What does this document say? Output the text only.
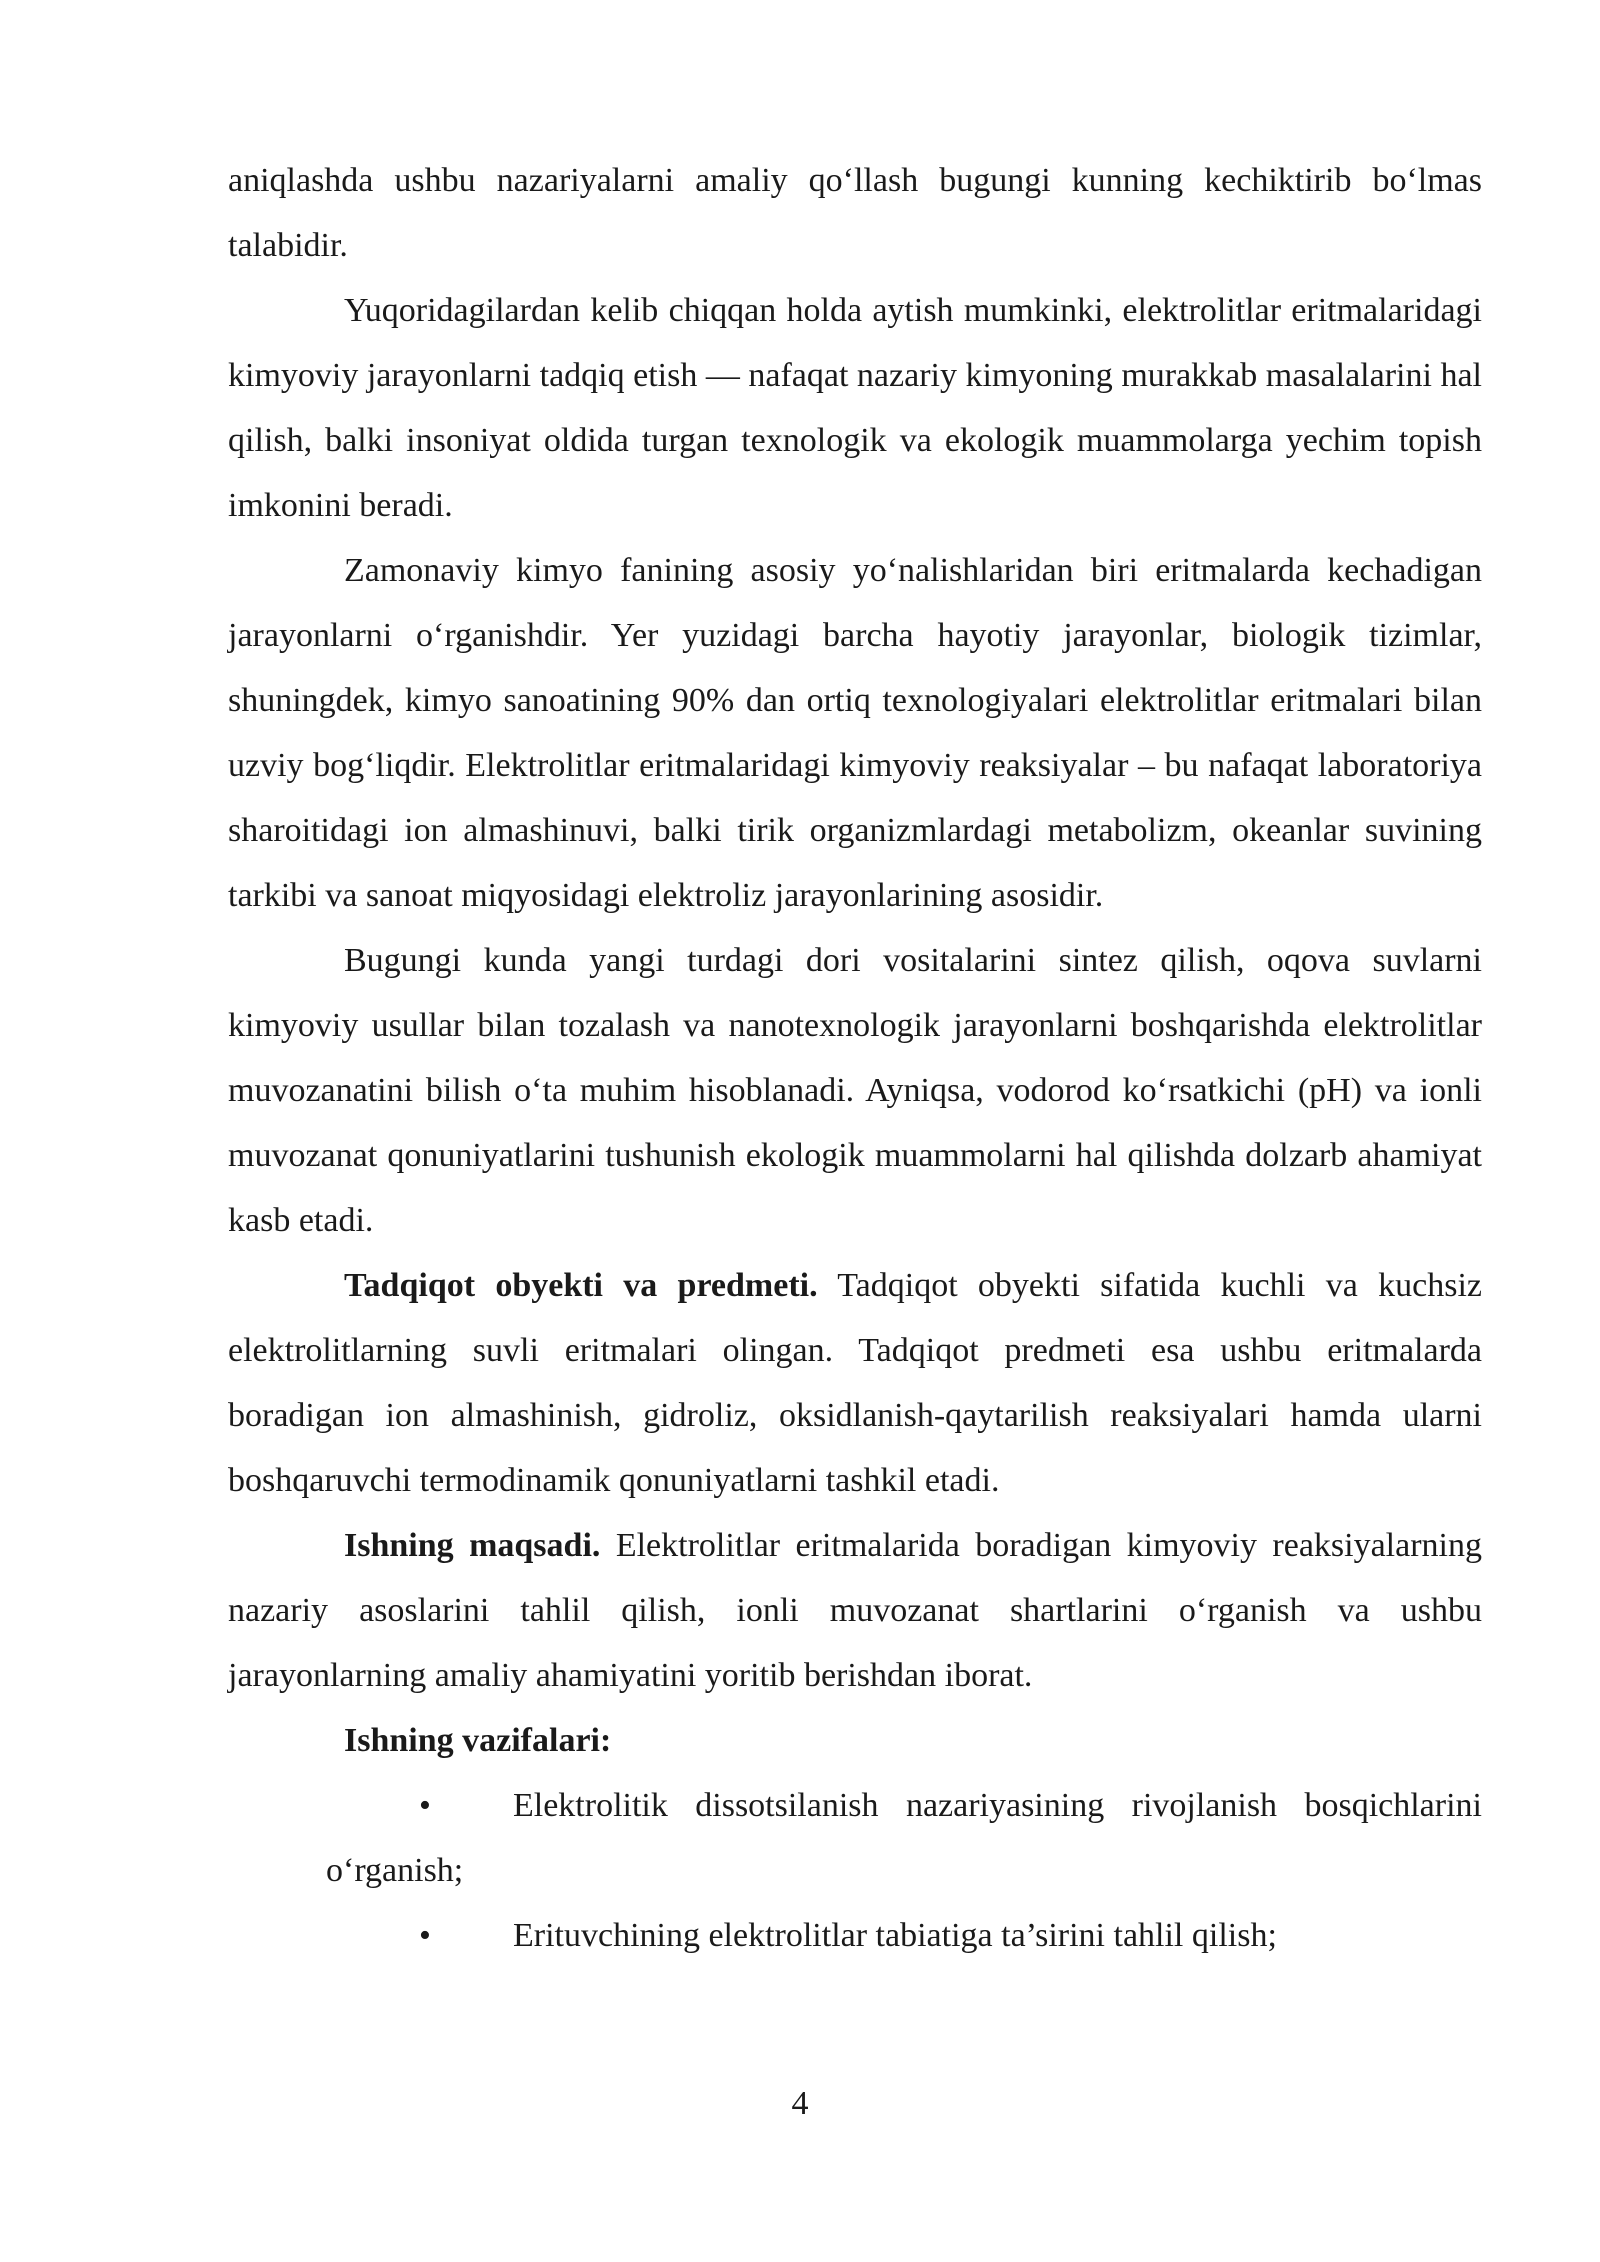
aniqlashda ushbu nazariyalarni amaliy qo‘llash bugungi kunning kechiktirib bo‘lmas talabidir.

Yuqoridagilardan kelib chiqqan holda aytish mumkinki, elektrolitlar eritmalaridagi kimyoviy jarayonlarni tadqiq etish — nafaqat nazariy kimyoning murakkab masalalarini hal qilish, balki insoniyat oldida turgan texnologik va ekologik muammolarga yechim topish imkonini beradi.

Zamonaviy kimyo fanining asosiy yo‘nalishlaridan biri eritmalarda kechadigan jarayonlarni o‘rganishdir. Yer yuzidagi barcha hayotiy jarayonlar, biologik tizimlar, shuningdek, kimyo sanoatining 90% dan ortiq texnologiyalari elektrolitlar eritmalari bilan uzviy bog‘liqdir. Elektrolitlar eritmalaridagi kimyoviy reaksiyalar – bu nafaqat laboratoriya sharoitidagi ion almashinuvi, balki tirik organizmlardagi metabolizm, okeanlar suvining tarkibi va sanoat miqyosidagi elektroliz jarayonlarining asosidir.

Bugungi kunda yangi turdagi dori vositalarini sintez qilish, oqova suvlarni kimyoviy usullar bilan tozalash va nanotexnologik jarayonlarni boshqarishda elektrolitlar muvozanatini bilish o‘ta muhim hisoblanadi. Ayniqsa, vodorod ko‘rsatkichi (pH) va ionli muvozanat qonuniyatlarini tushunish ekologik muammolarni hal qilishda dolzarb ahamiyat kasb etadi.

Tadqiqot obyekti va predmeti. Tadqiqot obyekti sifatida kuchli va kuchsiz elektrolitlarning suvli eritmalari olingan. Tadqiqot predmeti esa ushbu eritmalarda boradigan ion almashinish, gidroliz, oksidlanish-qaytarilish reaksiyalari hamda ularni boshqaruvchi termodinamik qonuniyatlarni tashkil etadi.

Ishning maqsadi. Elektrolitlar eritmalarida boradigan kimyoviy reaksiyalarning nazariy asoslarini tahlil qilish, ionli muvozanat shartlarini o‘rganish va ushbu jarayonlarning amaliy ahamiyatini yoritib berishdan iborat.

Ishning vazifalari:

• Elektrolitik dissotsilanish nazariyasining rivojlanish bosqichlarini o‘rganish;
• Erituvchining elektrolitlar tabiatiga ta’sirini tahlil qilish;
4
